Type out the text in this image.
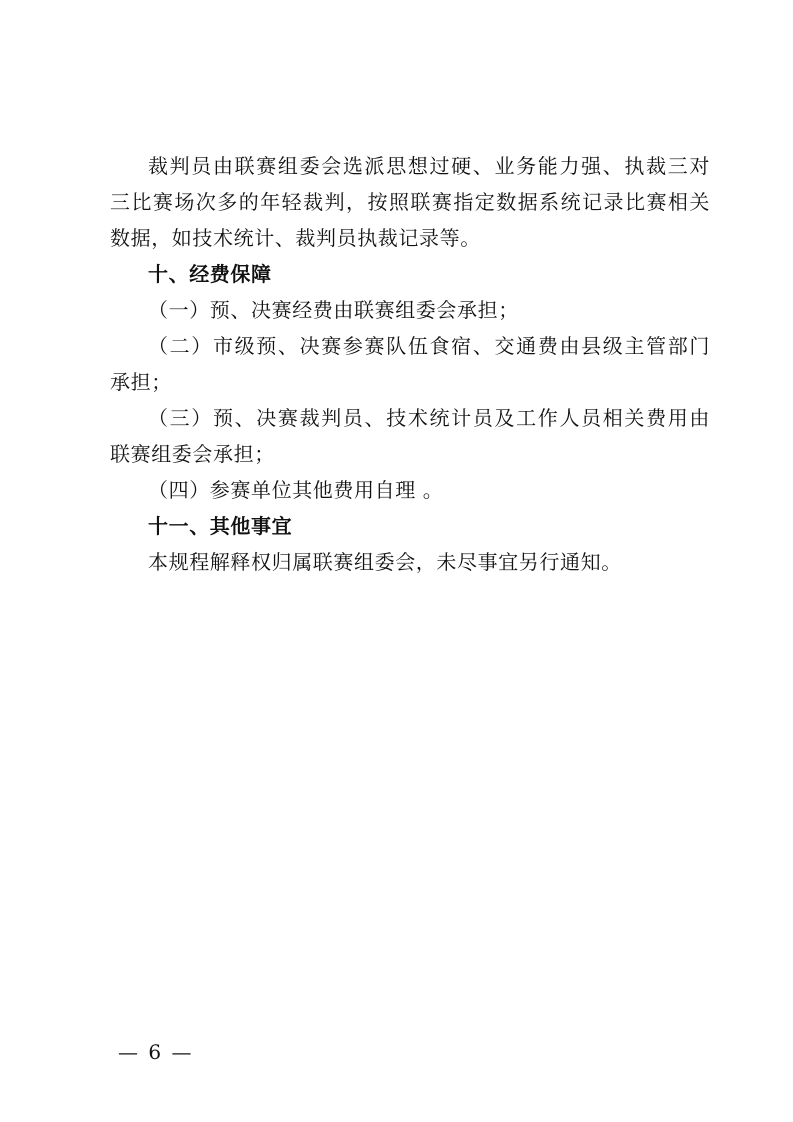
裁判员由联赛组委会选派思想过硬、业务能力强、执裁三对
三比赛场次多的年轻裁判，按照联赛指定数据系统记录比赛相关
数据，如技术统计、裁判员执裁记录等。
十、经费保障
（一）预、决赛经费由联赛组委会承担；
（二）市级预、决赛参赛队伍食宿、交通费由县级主管部门
承担；
（三）预、决赛裁判员、技术统计员及工作人员相关费用由
联赛组委会承担；
（四）参赛单位其他费用自理 。
十一、其他事宜
本规程解释权归属联赛组委会，未尽事宜另行通知。
— 6 —
